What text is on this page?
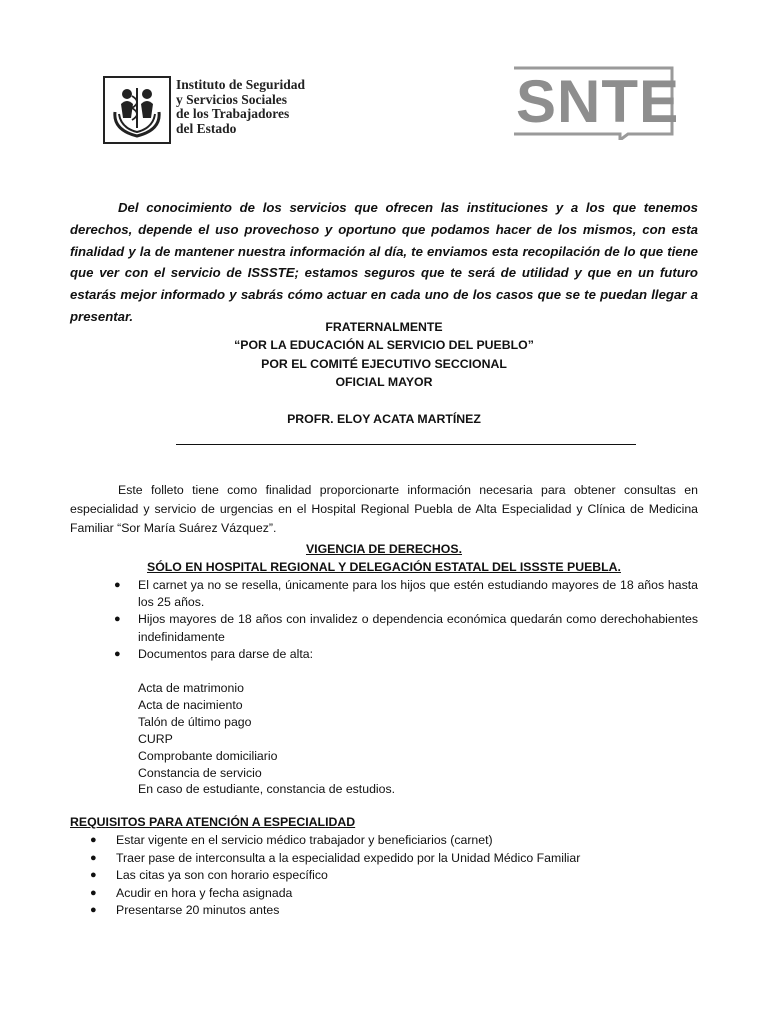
Instituto de Seguridad
y Servicios Sociales
de los Trabajadores
del Estado	SNTE
Del conocimiento de los servicios que ofrecen las instituciones y a los que tenemos derechos, depende el uso provechoso y oportuno que podamos hacer de los mismos, con esta finalidad y la de mantener nuestra información al día, te enviamos esta recopilación de lo que tiene que ver con el servicio de ISSSTE; estamos seguros que te será de utilidad y que en un futuro estarás mejor informado y sabrás cómo actuar en cada uno de los casos que se te puedan llegar a presentar.
FRATERNALMENTE
“POR LA EDUCACIÓN AL SERVICIO DEL PUEBLO”
POR EL COMITÉ EJECUTIVO SECCIONAL
OFICIAL MAYOR
PROFR. ELOY ACATA MARTÍNEZ
Este folleto tiene como finalidad proporcionarte información necesaria para obtener consultas en especialidad y servicio de urgencias en el Hospital Regional Puebla de Alta Especialidad y Clínica de Medicina Familiar “Sor María Suárez Vázquez”.
VIGENCIA DE DERECHOS.
SÓLO EN HOSPITAL REGIONAL Y DELEGACIÓN ESTATAL DEL ISSSTE PUEBLA.
● El carnet ya no se resella, únicamente para los hijos que estén estudiando mayores de 18 años hasta los 25 años.
● Hijos mayores de 18 años con invalidez o dependencia económica quedarán como derechohabientes indefinidamente
● Documentos para darse de alta:
Acta de matrimonio
Acta de nacimiento
Talón de último pago
CURP
Comprobante domiciliario
Constancia de servicio
En caso de estudiante, constancia de estudios.
REQUISITOS PARA ATENCIÓN A ESPECIALIDAD
● Estar vigente en el servicio médico trabajador y beneficiarios (carnet)
● Traer pase de interconsulta a la especialidad expedido por la Unidad Médico Familiar
● Las citas ya son con horario específico
● Acudir en hora y fecha asignada
● Presentarse 20 minutos antes
